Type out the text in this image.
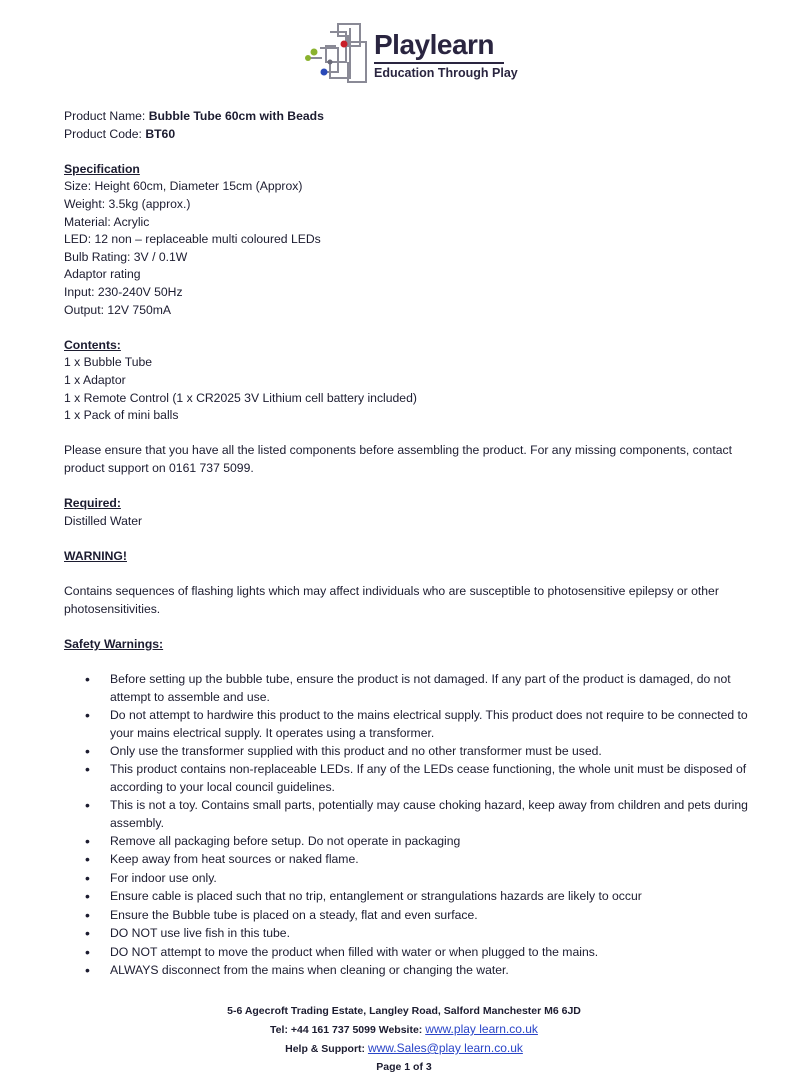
Playlearn
Education Through Play

Product Name: Bubble Tube 60cm with Beads

Product Code: BT60

Specification

Size: Height 60cm, Diameter 15cm (Approx)

Weight: 3.5kg (approx.)

Material: Acrylic

LED: 12 non – replaceable multi coloured LEDs

Bulb Rating: 3V / 0.1W

Adaptor rating

Input: 230-240V 50Hz

Output: 12V 750mA

Contents:

1 x Bubble Tube

1 x Adaptor

1 x Remote Control (1 x CR2025 3V Lithium cell battery included)

1 x Pack of mini balls

Please ensure that you have all the listed components before assembling the product. For any missing components, contact product support on 0161 737 5099.

Required:

Distilled Water

WARNING!

Contains sequences of flashing lights which may affect individuals who are susceptible to photosensitive epilepsy or other photosensitivities.

Safety Warnings:

• Before setting up the bubble tube, ensure the product is not damaged. If any part of the product is damaged, do not attempt to assemble and use.
• Do not attempt to hardwire this product to the mains electrical supply. This product does not require to be connected to your mains electrical supply. It operates using a transformer.
• Only use the transformer supplied with this product and no other transformer must be used.
• This product contains non-replaceable LEDs. If any of the LEDs cease functioning, the whole unit must be disposed of according to your local council guidelines.
• This is not a toy. Contains small parts, potentially may cause choking hazard, keep away from children and pets during assembly.
• Remove all packaging before setup. Do not operate in packaging
• Keep away from heat sources or naked flame.
• For indoor use only.
• Ensure cable is placed such that no trip, entanglement or strangulations hazards are likely to occur
• Ensure the Bubble tube is placed on a steady, flat and even surface.
• DO NOT use live fish in this tube.
• DO NOT attempt to move the product when filled with water or when plugged to the mains.
• ALWAYS disconnect from the mains when cleaning or changing the water.
5-6 Agecroft Trading Estate, Langley Road, Salford Manchester M6 6JD
Tel: +44 161 737 5099 Website: www.play learn.co.uk
Help & Support: www.Sales@play learn.co.uk
Page 1 of 3
